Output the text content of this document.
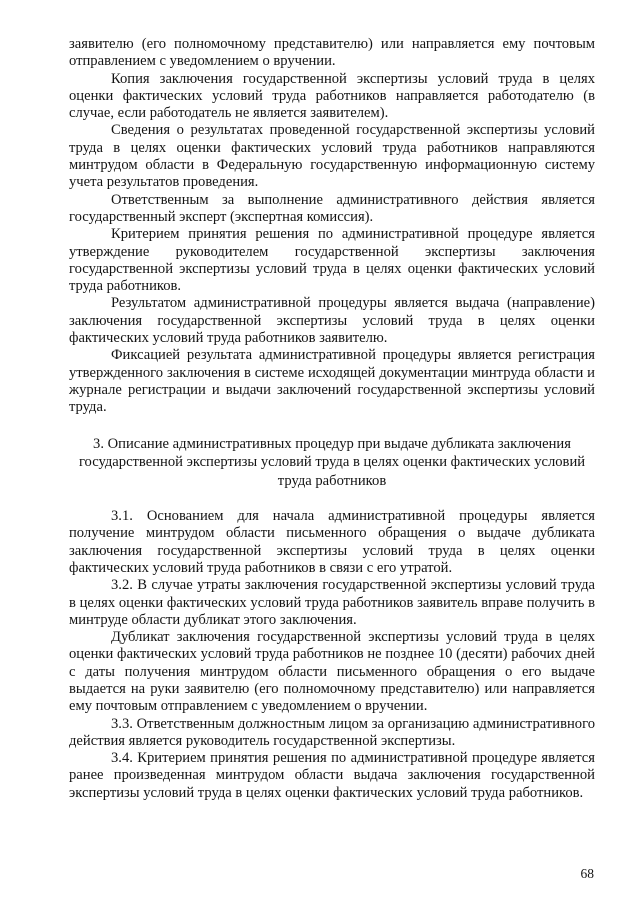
заявителю (его полномочному представителю) или направляется ему почтовым отправлением с уведомлением о вручении.

Копия заключения государственной экспертизы условий труда в целях оценки фактических условий труда работников направляется работодателю (в случае, если работодатель не является заявителем).

Сведения о результатах проведенной государственной экспертизы условий труда в целях оценки фактических условий труда работников направляются минтрудом области в Федеральную государственную информационную систему учета результатов проведения.

Ответственным за выполнение административного действия является государственный эксперт (экспертная комиссия).

Критерием принятия решения по административной процедуре является утверждение руководителем государственной экспертизы заключения государственной экспертизы условий труда в целях оценки фактических условий труда работников.

Результатом административной процедуры является выдача (направление) заключения государственной экспертизы условий труда в целях оценки фактических условий труда работников заявителю.

Фиксацией результата административной процедуры является регистрация утвержденного заключения в системе исходящей документации минтруда области и журнале регистрации и выдачи заключений государственной экспертизы условий труда.

3. Описание административных процедур при выдаче дубликата заключения государственной экспертизы условий труда в целях оценки фактических условий труда работников

3.1. Основанием для начала административной процедуры является получение минтрудом области письменного обращения о выдаче дубликата заключения государственной экспертизы условий труда в целях оценки фактических условий труда работников в связи с его утратой.

3.2. В случае утраты заключения государственной экспертизы условий труда в целях оценки фактических условий труда работников заявитель вправе получить в минтруде области дубликат этого заключения.

Дубликат заключения государственной экспертизы условий труда в целях оценки фактических условий труда работников не позднее 10 (десяти) рабочих дней с даты получения минтрудом области письменного обращения о его выдаче выдается на руки заявителю (его полномочному представителю) или направляется ему почтовым отправлением с уведомлением о вручении.

3.3. Ответственным должностным лицом за организацию административного действия является руководитель государственной экспертизы.

3.4. Критерием принятия решения по административной процедуре является ранее произведенная минтрудом области выдача заключения государственной экспертизы условий труда в целях оценки фактических условий труда работников.

68
